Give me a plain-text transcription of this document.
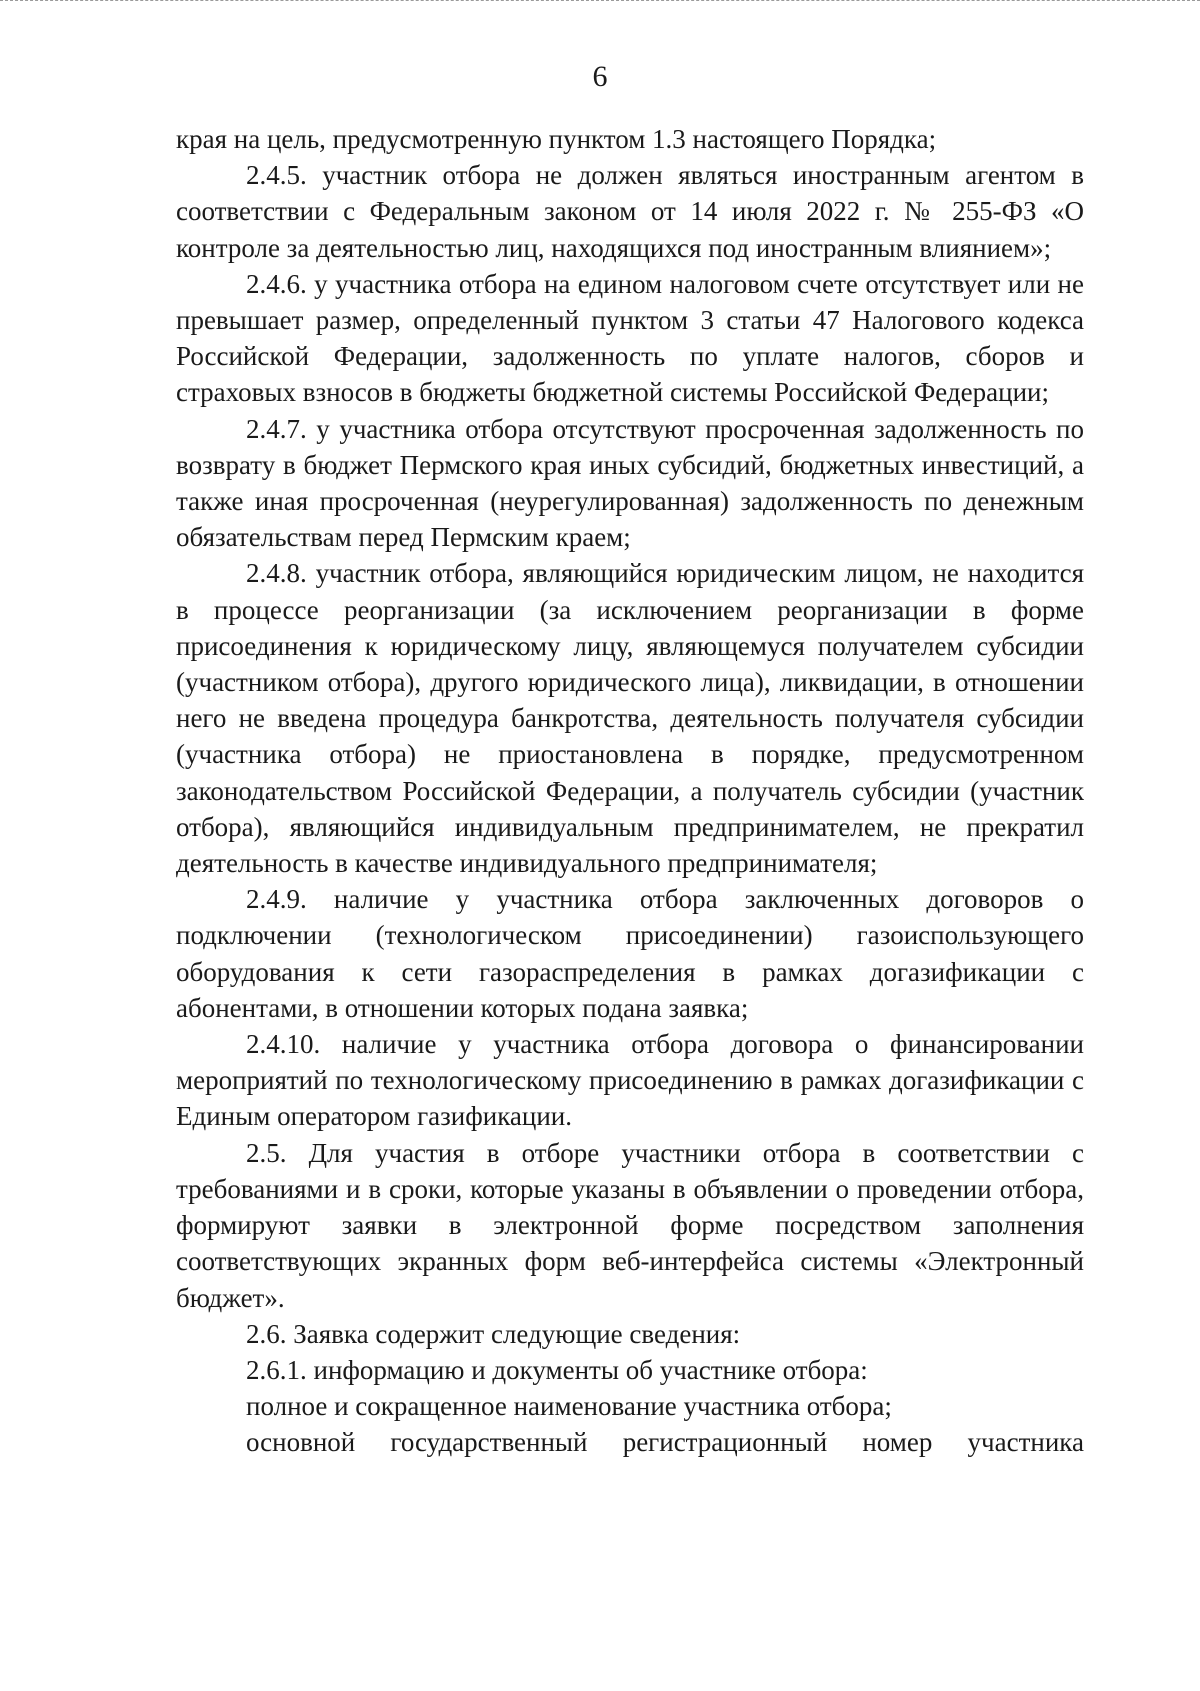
6

края на цель, предусмотренную пунктом 1.3 настоящего Порядка;

2.4.5. участник отбора не должен являться иностранным агентом в соответствии с Федеральным законом от 14 июля 2022 г. № 255-ФЗ «О контроле за деятельностью лиц, находящихся под иностранным влиянием»;

2.4.6. у участника отбора на едином налоговом счете отсутствует или не превышает размер, определенный пунктом 3 статьи 47 Налогового кодекса Российской Федерации, задолженность по уплате налогов, сборов и страховых взносов в бюджеты бюджетной системы Российской Федерации;

2.4.7. у участника отбора отсутствуют просроченная задолженность по возврату в бюджет Пермского края иных субсидий, бюджетных инвестиций, а также иная просроченная (неурегулированная) задолженность по денежным обязательствам перед Пермским краем;

2.4.8. участник отбора, являющийся юридическим лицом, не находится в процессе реорганизации (за исключением реорганизации в форме присоединения к юридическому лицу, являющемуся получателем субсидии (участником отбора), другого юридического лица), ликвидации, в отношении него не введена процедура банкротства, деятельность получателя субсидии (участника отбора) не приостановлена в порядке, предусмотренном законодательством Российской Федерации, а получатель субсидии (участник отбора), являющийся индивидуальным предпринимателем, не прекратил деятельность в качестве индивидуального предпринимателя;

2.4.9. наличие у участника отбора заключенных договоров о подключении (технологическом присоединении) газоиспользующего оборудования к сети газораспределения в рамках догазификации с абонентами, в отношении которых подана заявка;

2.4.10. наличие у участника отбора договора о финансировании мероприятий по технологическому присоединению в рамках догазификации с Единым оператором газификации.

2.5. Для участия в отборе участники отбора в соответствии с требованиями и в сроки, которые указаны в объявлении о проведении отбора, формируют заявки в электронной форме посредством заполнения соответствующих экранных форм веб-интерфейса системы «Электронный бюджет».

2.6. Заявка содержит следующие сведения:

2.6.1. информацию и документы об участнике отбора:

полное и сокращенное наименование участника отбора;

основной государственный регистрационный номер участника
